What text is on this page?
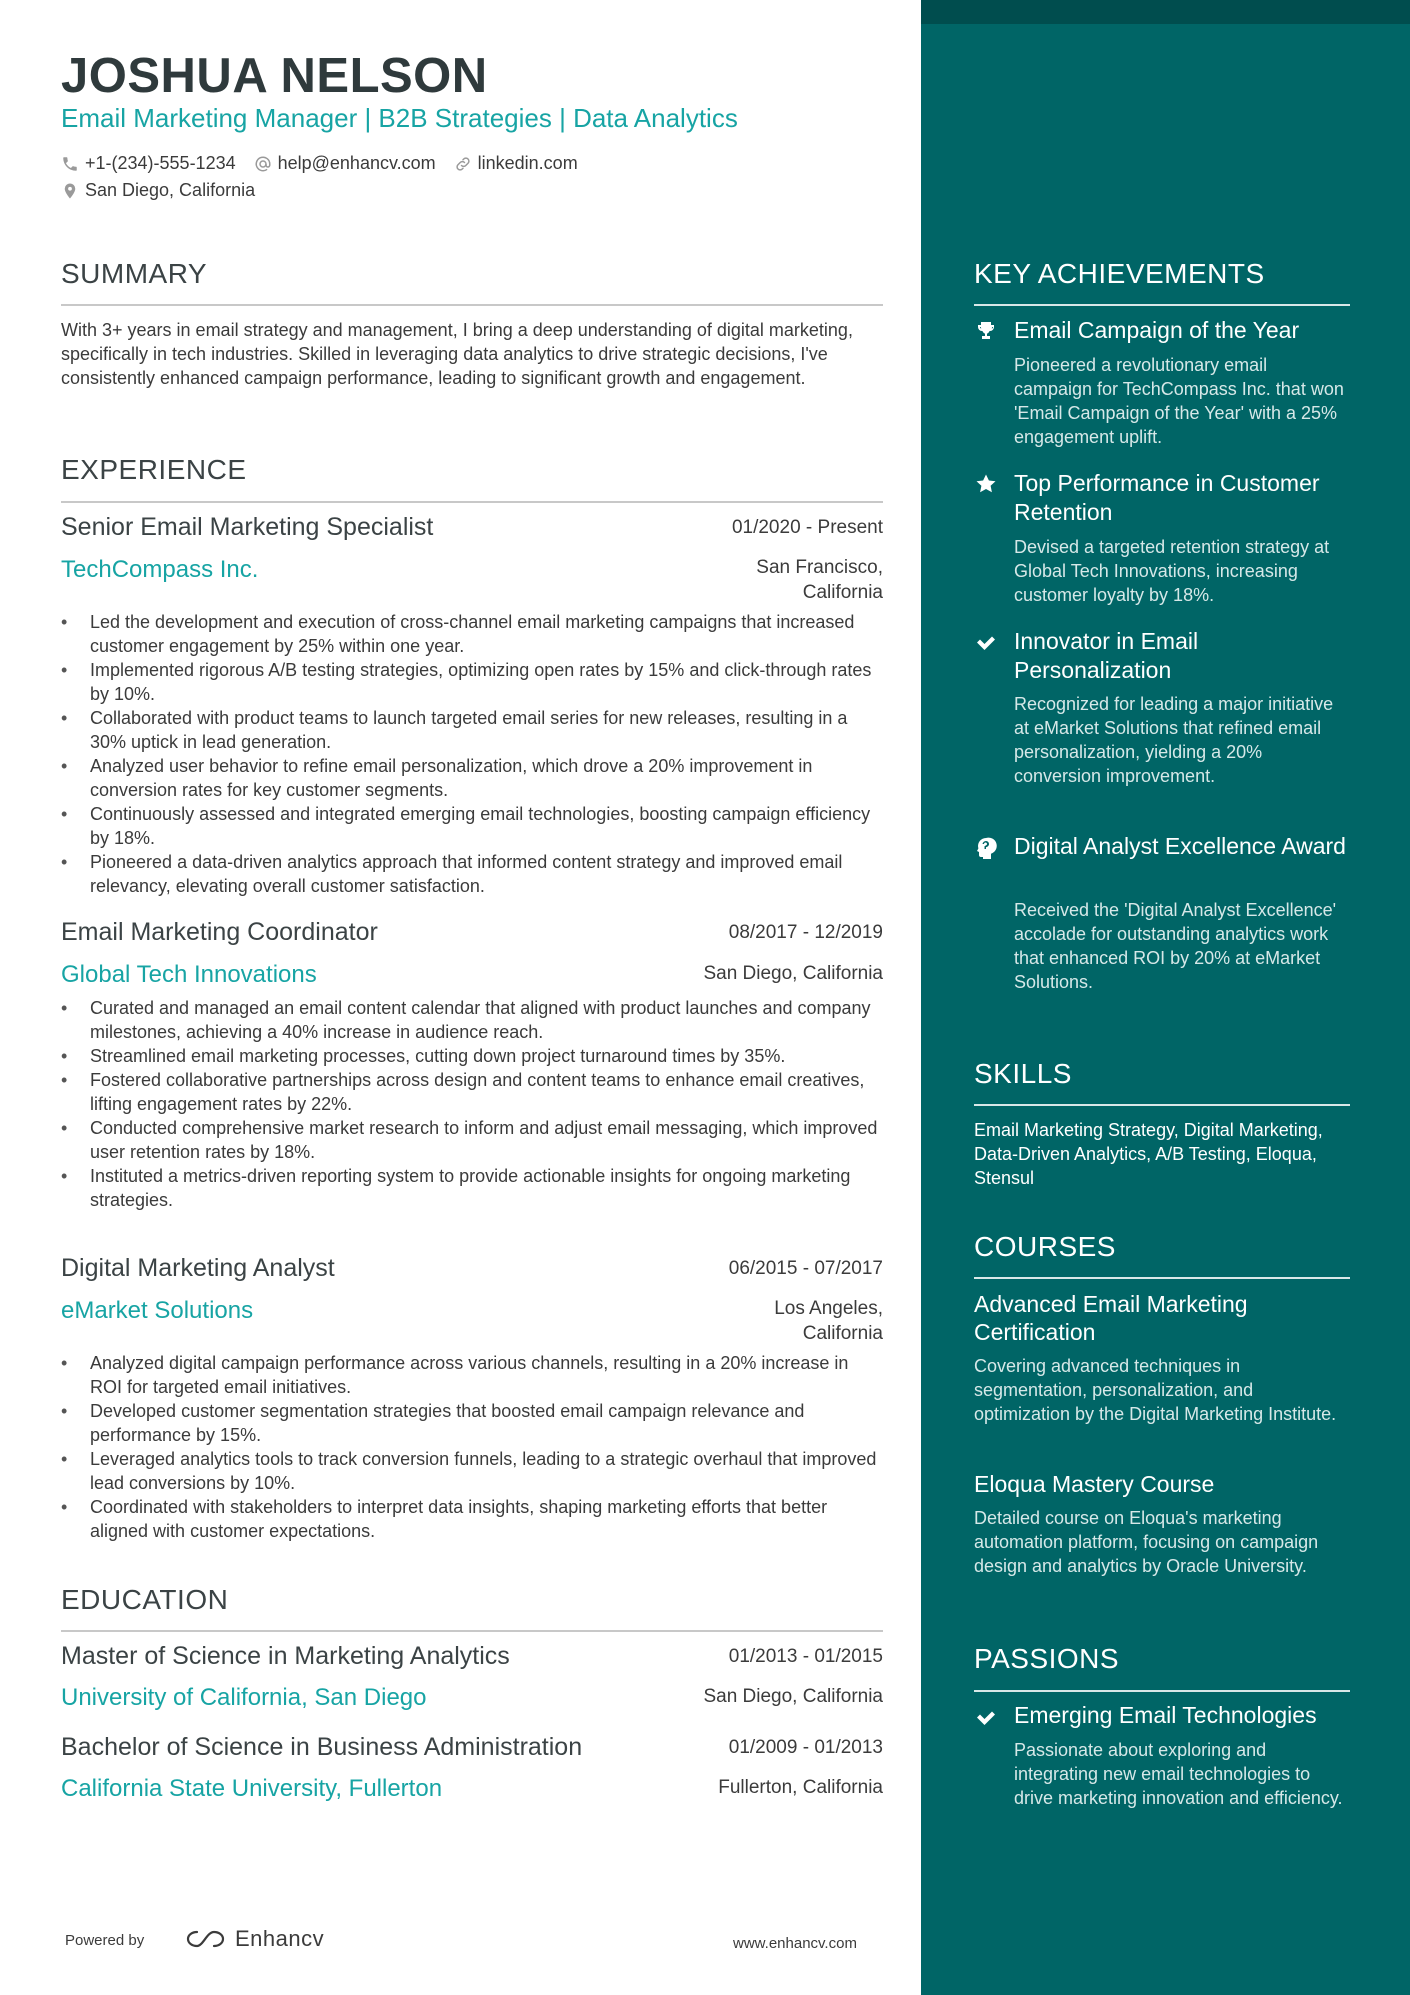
JOSHUA NELSON
Email Marketing Manager | B2B Strategies | Data Analytics
+1-(234)-555-1234 help@enhancv.com linkedin.com
San Diego, California
SUMMARY
With 3+ years in email strategy and management, I bring a deep understanding of digital marketing, specifically in tech industries. Skilled in leveraging data analytics to drive strategic decisions, I've consistently enhanced campaign performance, leading to significant growth and engagement.
EXPERIENCE
Senior Email Marketing Specialist	01/2020 - Present
TechCompass Inc.	San Francisco, California
• Led the development and execution of cross-channel email marketing campaigns that increased customer engagement by 25% within one year.
• Implemented rigorous A/B testing strategies, optimizing open rates by 15% and click-through rates by 10%.
• Collaborated with product teams to launch targeted email series for new releases, resulting in a 30% uptick in lead generation.
• Analyzed user behavior to refine email personalization, which drove a 20% improvement in conversion rates for key customer segments.
• Continuously assessed and integrated emerging email technologies, boosting campaign efficiency by 18%.
• Pioneered a data-driven analytics approach that informed content strategy and improved email relevancy, elevating overall customer satisfaction.
Email Marketing Coordinator	08/2017 - 12/2019
Global Tech Innovations	San Diego, California
• Curated and managed an email content calendar that aligned with product launches and company milestones, achieving a 40% increase in audience reach.
• Streamlined email marketing processes, cutting down project turnaround times by 35%.
• Fostered collaborative partnerships across design and content teams to enhance email creatives, lifting engagement rates by 22%.
• Conducted comprehensive market research to inform and adjust email messaging, which improved user retention rates by 18%.
• Instituted a metrics-driven reporting system to provide actionable insights for ongoing marketing strategies.
Digital Marketing Analyst	06/2015 - 07/2017
eMarket Solutions	Los Angeles, California
• Analyzed digital campaign performance across various channels, resulting in a 20% increase in ROI for targeted email initiatives.
• Developed customer segmentation strategies that boosted email campaign relevance and performance by 15%.
• Leveraged analytics tools to track conversion funnels, leading to a strategic overhaul that improved lead conversions by 10%.
• Coordinated with stakeholders to interpret data insights, shaping marketing efforts that better aligned with customer expectations.
EDUCATION
Master of Science in Marketing Analytics	01/2013 - 01/2015
University of California, San Diego	San Diego, California
Bachelor of Science in Business Administration	01/2009 - 01/2013
California State University, Fullerton	Fullerton, California
Powered by	Enhancv	www.enhancv.com
KEY ACHIEVEMENTS
Email Campaign of the Year
Pioneered a revolutionary email campaign for TechCompass Inc. that won 'Email Campaign of the Year' with a 25% engagement uplift.
Top Performance in Customer Retention
Devised a targeted retention strategy at Global Tech Innovations, increasing customer loyalty by 18%.
Innovator in Email Personalization
Recognized for leading a major initiative at eMarket Solutions that refined email personalization, yielding a 20% conversion improvement.
Digital Analyst Excellence Award
Received the 'Digital Analyst Excellence' accolade for outstanding analytics work that enhanced ROI by 20% at eMarket Solutions.
SKILLS
Email Marketing Strategy, Digital Marketing, Data-Driven Analytics, A/B Testing, Eloqua, Stensul
COURSES
Advanced Email Marketing Certification
Covering advanced techniques in segmentation, personalization, and optimization by the Digital Marketing Institute.
Eloqua Mastery Course
Detailed course on Eloqua's marketing automation platform, focusing on campaign design and analytics by Oracle University.
PASSIONS
Emerging Email Technologies
Passionate about exploring and integrating new email technologies to drive marketing innovation and efficiency.
